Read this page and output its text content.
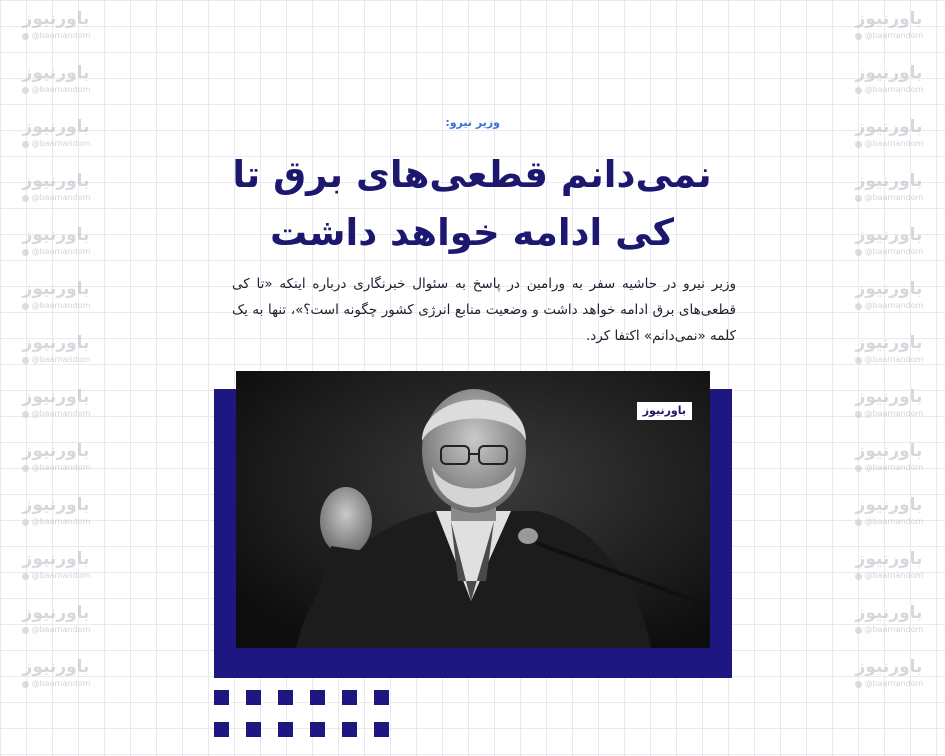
باورنیوز
@baarnandom
باورنیوز
@baarnandom
باورنیوز
@baarnandom
باورنیوز
@baarnandom
باورنیوز
@baarnandom
باورنیوز
@baarnandom
باورنیوز
@baarnandom
باورنیوز
@baarnandom
باورنیوز
@baarnandom
باورنیوز
@baarnandom
باورنیوز
@baarnandom
باورنیوز
@baarnandom
باورنیوز
@baarnandom
باورنیوز
@baarnandom
باورنیوز
@baarnandom
باورنیوز
@baarnandom
باورنیوز
@baarnandom
باورنیوز
@baarnandom
باورنیوز
@baarnandom
باورنیوز
@baarnandom
باورنیوز
@baarnandom
باورنیوز
@baarnandom
باورنیوز
@baarnandom
باورنیوز
@baarnandom
باورنیوز
@baarnandom
باورنیوز
@baarnandom
وزیر نیرو:
نمی‌دانم قطعی‌های برق تا کی ادامه خواهد داشت

وزیر نیرو در حاشیه سفر به ورامین در پاسخ به سئوال خبرنگاری درباره اینکه «تا کی قطعی‌های برق ادامه خواهد داشت و وضعیت منابع انرژی کشور چگونه است؟»، تنها به یک کلمه «نمی‌دانم» اکتفا کرد.

باورنیوز
